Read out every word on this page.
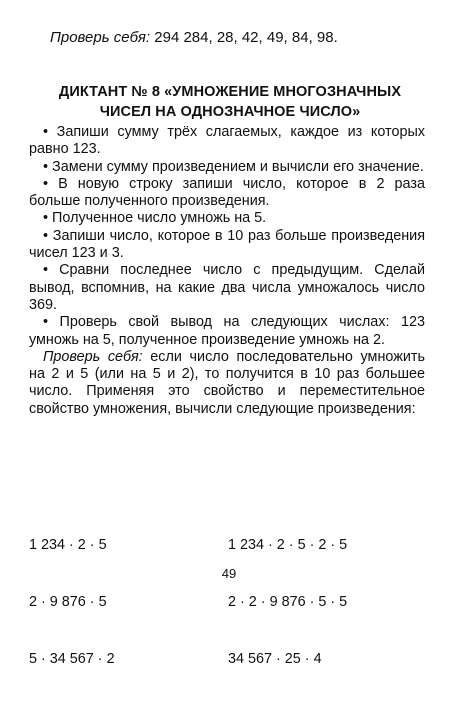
Проверь себя: 294 284, 28, 42, 49, 84, 98.
ДИКТАНТ № 8 «УМНОЖЕНИЕ МНОГОЗНАЧНЫХ
ЧИСЕЛ НА ОДНОЗНАЧНОЕ ЧИСЛО»

• Запиши сумму трёх слагаемых, каждое из которых равно 123.

• Замени сумму произведением и вычисли его значение.

• В новую строку запиши число, которое в 2 раза больше полученного произведения.

• Полученное число умножь на 5.

• Запиши число, которое в 10 раз больше произведения чисел 123 и 3.

• Сравни последнее число с предыдущим. Сделай вывод, вспомнив, на какие два числа умножалось число 369.

• Проверь свой вывод на следующих числах: 123 умножь на 5, полученное произведение умножь на 2.

Проверь себя: если число последовательно умножить на 2 и 5 (или на 5 и 2), то получится в 10 раз большее число. Применяя это свойство и переместительное свойство умножения, вычисли следующие произведения:

1 234 · 2 · 5

2 · 9 876 · 5

5 · 34 567 · 2

1 234 · 2 · 5 · 2 · 5

2 · 2 · 9 876 · 5 · 5

34 567 · 25 · 4

49
